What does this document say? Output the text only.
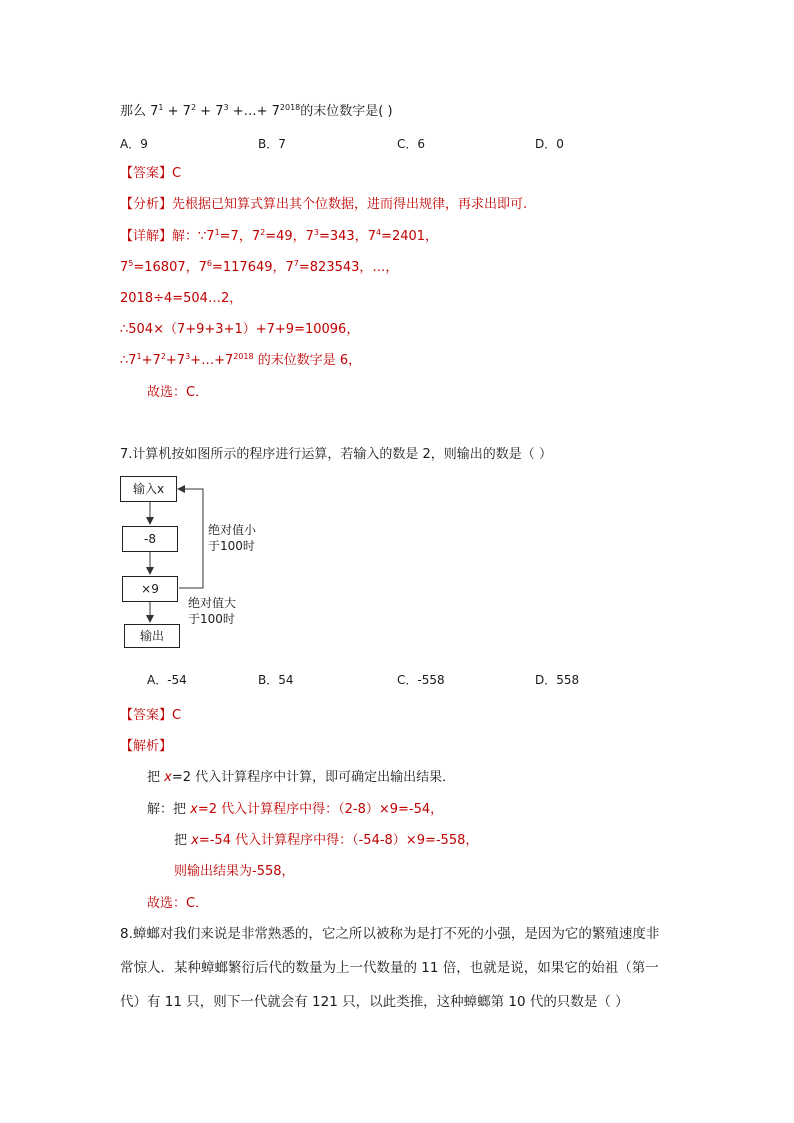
那么 $7^1 + 7^2 + 7^3$ +…+ $7^{2018}$的末位数字是( )
A．9	B．7	C．6	D．0
【答案】C
【分析】先根据已知算式算出其个位数据，进而得出规律，再求出即可.
【详解】解：$\because 7^1=7$，$7^2=49$，$7^3=343$，$7^4=2401$，
$7^5=16807$，$7^6=117649$，$7^7=823543$，…，
2018÷4=504…2，
∴504×（7+9+3+1）+7+9=10096，
$\therefore 7^1+7^2+7^3+\dots+7^{2018}$ 的末位数字是 6，
故选：C．
7.计算机按如图所示的程序进行运算，若输入的数是 2，则输出的数是（ ）
输入x
-8
×9
输出
绝对值小
于100时
绝对值大
于100时
A．-54	B．54	C．-558	D．558
【答案】C
【解析】
把 x=2 代入计算程序中计算，即可确定出输出结果．
解：把 x=2 代入计算程序中得：（2-8）×9=-54，
把 x=-54 代入计算程序中得：（-54-8）×9=-558，
则输出结果为-558，
故选：C．
8.蟑螂对我们来说是非常熟悉的，它之所以被称为是打不死的小强，是因为它的繁殖速度非
常惊人．某种蟑螂繁衍后代的数量为上一代数量的 11 倍，也就是说，如果它的始祖（第一
代）有 11 只，则下一代就会有 121 只，以此类推，这种蟑螂第 10 代的只数是（ ）
